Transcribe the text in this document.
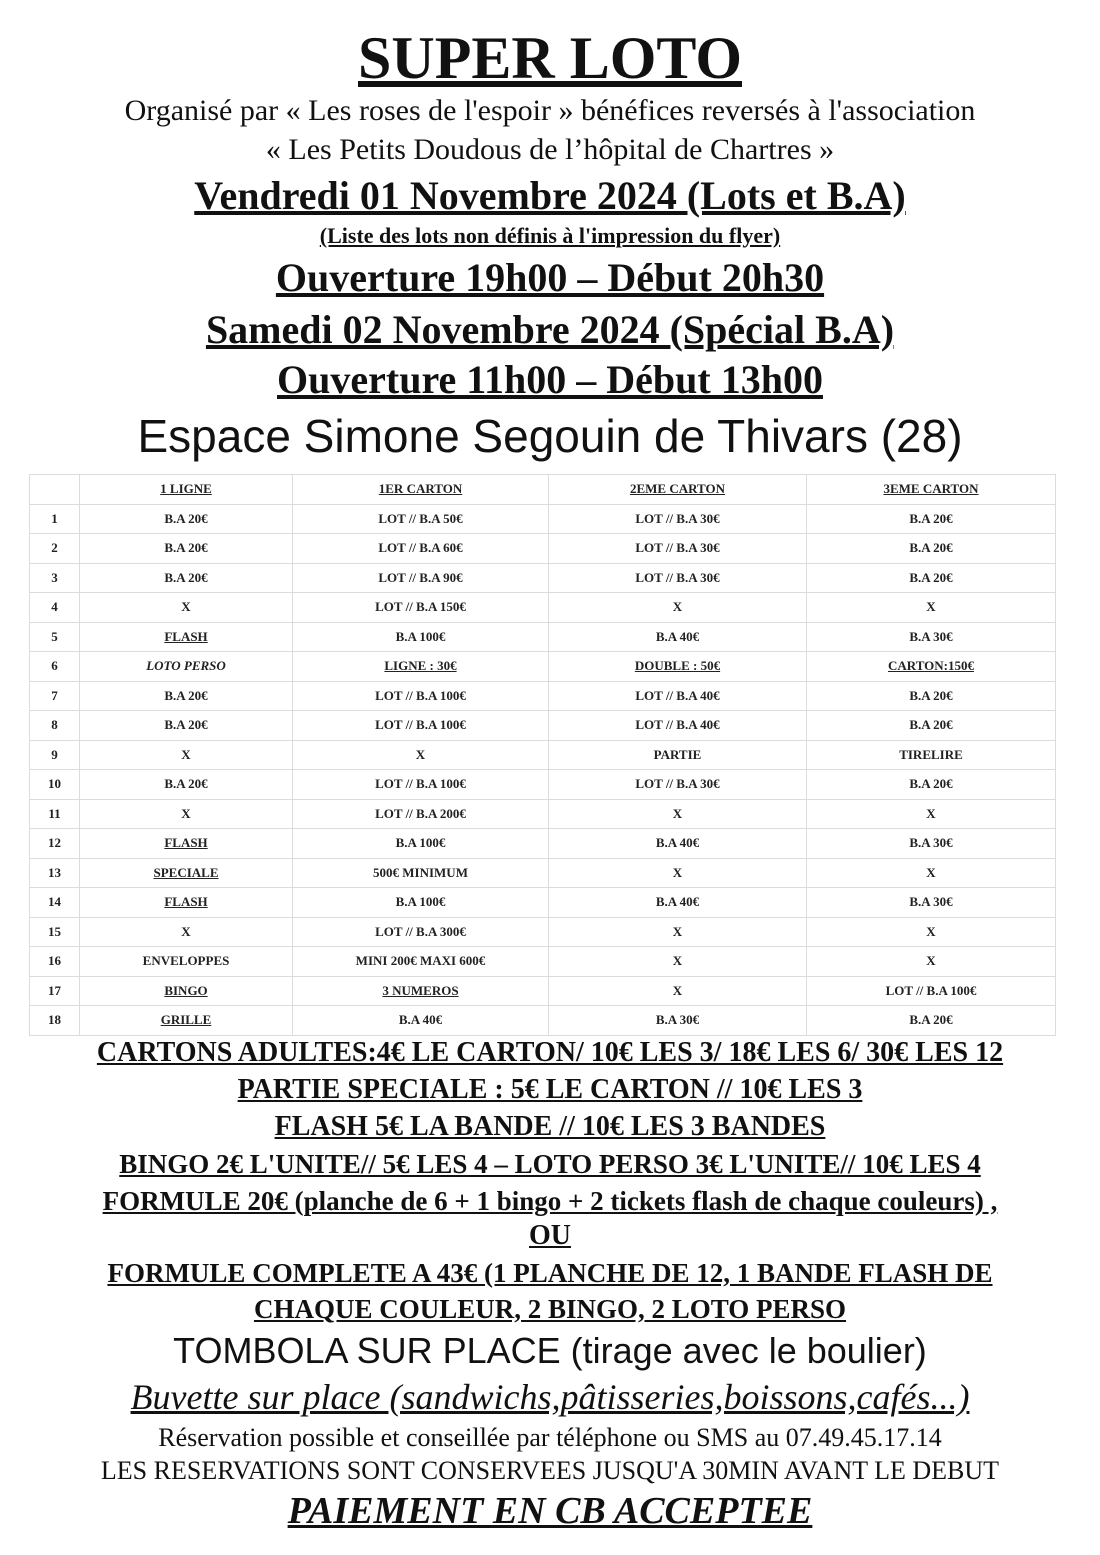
SUPER LOTO
Organisé par « Les roses de l'espoir » bénéfices reversés à l'association
« Les Petits Doudous de l’hôpital de Chartres »
Vendredi 01 Novembre 2024 (Lots et B.A)
(Liste des lots non définis à l'impression du flyer)
Ouverture 19h00 – Début 20h30
Samedi 02 Novembre 2024 (Spécial B.A)
Ouverture 11h00 – Début 13h00
Espace Simone Segouin de Thivars (28)
	1 LIGNE	1ER CARTON	2EME CARTON	3EME CARTON
1	B.A 20€	LOT // B.A 50€	LOT // B.A 30€	B.A 20€
2	B.A 20€	LOT // B.A 60€	LOT // B.A 30€	B.A 20€
3	B.A 20€	LOT // B.A 90€	LOT // B.A 30€	B.A 20€
4	X	LOT // B.A 150€	X	X
5	FLASH	B.A 100€	B.A 40€	B.A 30€
6	LOTO PERSO	LIGNE : 30€	DOUBLE : 50€	CARTON:150€
7	B.A 20€	LOT // B.A 100€	LOT // B.A 40€	B.A 20€
8	B.A 20€	LOT // B.A 100€	LOT // B.A 40€	B.A 20€
9	X	X	PARTIE	TIRELIRE
10	B.A 20€	LOT // B.A 100€	LOT // B.A 30€	B.A 20€
11	X	LOT // B.A 200€	X	X
12	FLASH	B.A 100€	B.A 40€	B.A 30€
13	SPECIALE	500€ MINIMUM	X	X
14	FLASH	B.A 100€	B.A 40€	B.A 30€
15	X	LOT // B.A 300€	X	X
16	ENVELOPPES	MINI 200€ MAXI 600€	X	X
17	BINGO	3 NUMEROS	X	LOT // B.A 100€
18	GRILLE	B.A 40€	B.A 30€	B.A 20€
CARTONS ADULTES:4€ LE CARTON/ 10€ LES 3/ 18€ LES 6/ 30€ LES 12
PARTIE SPECIALE : 5€ LE CARTON // 10€ LES 3
FLASH 5€ LA BANDE // 10€ LES 3 BANDES
BINGO 2€ L'UNITE// 5€ LES 4 – LOTO PERSO 3€ L'UNITE// 10€ LES 4
FORMULE 20€ (planche de 6 + 1 bingo + 2 tickets flash de chaque couleurs) ,
OU
FORMULE COMPLETE A 43€ (1 PLANCHE DE 12, 1 BANDE FLASH DE
CHAQUE COULEUR, 2 BINGO, 2 LOTO PERSO
TOMBOLA SUR PLACE (tirage avec le boulier)
Buvette sur place (sandwichs,pâtisseries,boissons,cafés...)
Réservation possible et conseillée par téléphone ou SMS au 07.49.45.17.14
LES RESERVATIONS SONT CONSERVEES JUSQU'A 30MIN AVANT LE DEBUT
PAIEMENT EN CB ACCEPTEE
